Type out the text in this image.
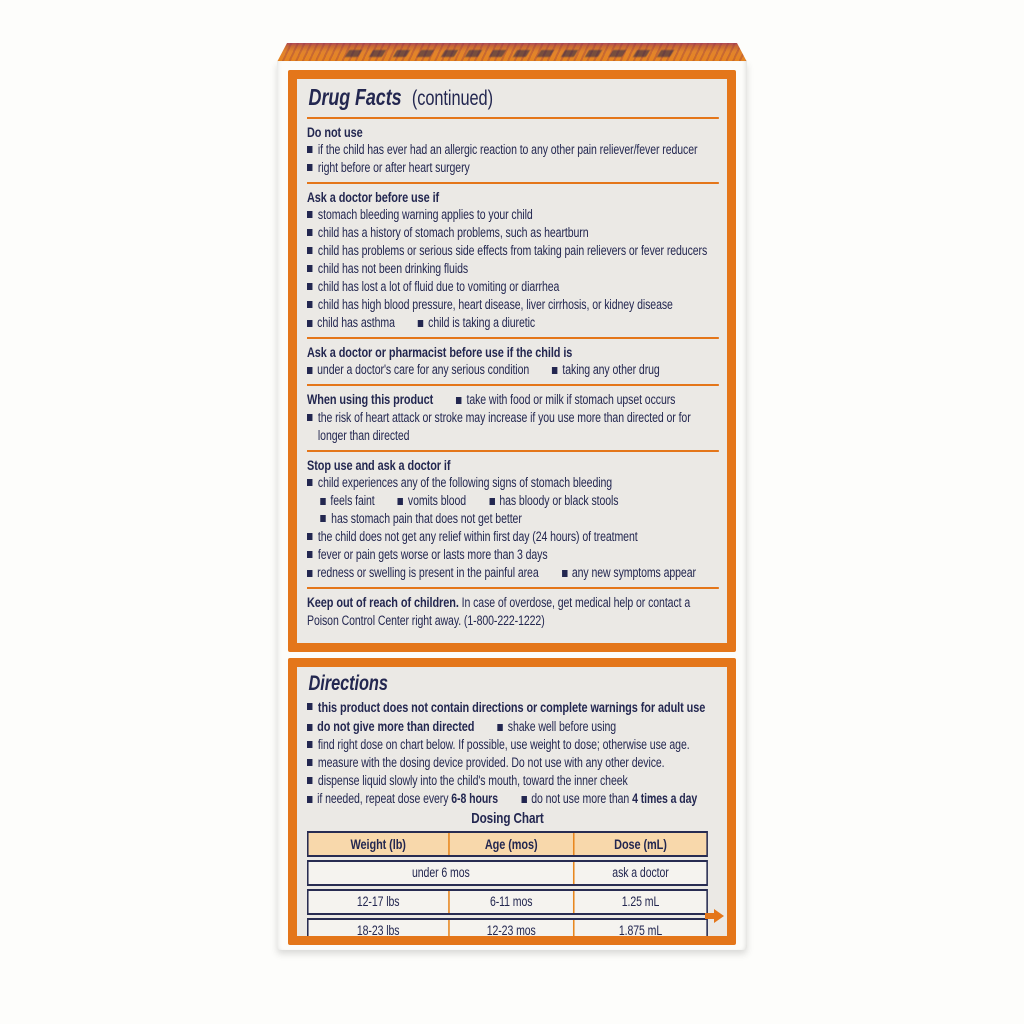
Drug Facts (continued)
Do not use
if the child has ever had an allergic reaction to any other pain reliever/fever reducer
right before or after heart surgery
Ask a doctor before use if
stomach bleeding warning applies to your child
child has a history of stomach problems, such as heartburn
child has problems or serious side effects from taking pain relievers or fever reducers
child has not been drinking fluids
child has lost a lot of fluid due to vomiting or diarrhea
child has high blood pressure, heart disease, liver cirrhosis, or kidney disease
child has asthma child is taking a diuretic
Ask a doctor or pharmacist before use if the child is
under a doctor's care for any serious condition taking any other drug
When using this product take with food or milk if stomach upset occurs
the risk of heart attack or stroke may increase if you use more than directed or for longer than directed
Stop use and ask a doctor if
child experiences any of the following signs of stomach bleeding
feels faint vomits blood has bloody or black stools
has stomach pain that does not get better
the child does not get any relief within first day (24 hours) of treatment
fever or pain gets worse or lasts more than 3 days
redness or swelling is present in the painful area any new symptoms appear
Keep out of reach of children. In case of overdose, get medical help or contact a Poison Control Center right away. (1-800-222-1222)
Directions
this product does not contain directions or complete warnings for adult use
do not give more than directed shake well before using
find right dose on chart below. If possible, use weight to dose; otherwise use age.
measure with the dosing device provided. Do not use with any other device.
dispense liquid slowly into the child's mouth, toward the inner cheek
if needed, repeat dose every 6-8 hours do not use more than 4 times a day
Dosing Chart
Weight (lb)	Age (mos)	Dose (mL)
under 6 mos	ask a doctor
12-17 lbs	6-11 mos	1.25 mL
18-23 lbs	12-23 mos	1.875 mL
